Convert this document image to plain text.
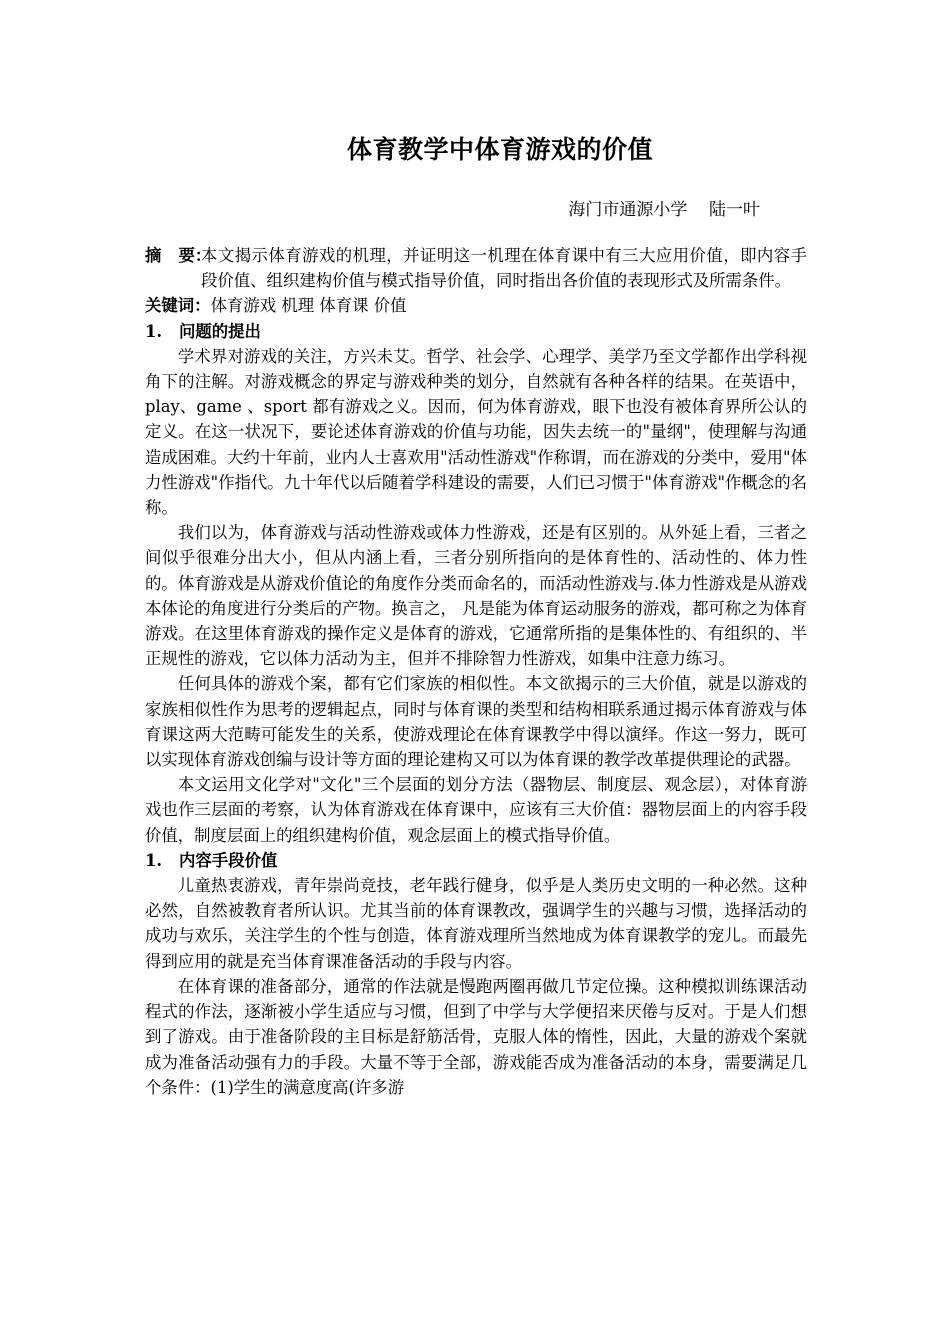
体育教学中体育游戏的价值
海门市通源小学    陆一叶
摘   要：
本文揭示体育游戏的机理，并证明这一机理在体育课中有三大应用价值，即内容手段价值、组织建构价值与模式指导价值，同时指出各价值的表现形式及所需条件。
关键词：体育游戏 机理 体育课 价值
1. 问题的提出

学术界对游戏的关注，方兴未艾。哲学、社会学、心理学、美学乃至文学都作出学科视角下的注解。对游戏概念的界定与游戏种类的划分，自然就有各种各样的结果。在英语中，play、game 、sport 都有游戏之义。因而，何为体育游戏，眼下也没有被体育界所公认的定义。在这一状况下，要论述体育游戏的价值与功能，因失去统一的"量纲"，使理解与沟通造成困难。大约十年前，业内人士喜欢用"活动性游戏"作称谓，而在游戏的分类中，爱用"体力性游戏"作指代。九十年代以后随着学科建设的需要，人们已习惯于"体育游戏"作概念的名称。

我们以为，体育游戏与活动性游戏或体力性游戏，还是有区别的。从外延上看，三者之间似乎很难分出大小，但从内涵上看，三者分别所指向的是体育性的、活动性的、体力性的。体育游戏是从游戏价值论的角度作分类而命名的，而活动性游戏与.体力性游戏是从游戏本体论的角度进行分类后的产物。换言之， 凡是能为体育运动服务的游戏，都可称之为体育游戏。在这里体育游戏的操作定义是体育的游戏，它通常所指的是集体性的、有组织的、半正规性的游戏，它以体力活动为主，但并不排除智力性游戏，如集中注意力练习。

任何具体的游戏个案，都有它们家族的相似性。本文欲揭示的三大价值，就是以游戏的家族相似性作为思考的逻辑起点，同时与体育课的类型和结构相联系通过揭示体育游戏与体育课这两大范畴可能发生的关系，使游戏理论在体育课教学中得以演绎。作这一努力，既可以实现体育游戏创编与设计等方面的理论建构又可以为体育课的教学改革提供理论的武器。

本文运用文化学对"文化"三个层面的划分方法（器物层、制度层、观念层），对体育游戏也作三层面的考察，认为体育游戏在体育课中，应该有三大价值：器物层面上的内容手段价值，制度层面上的组织建构价值，观念层面上的模式指导价值。

1. 内容手段价值

儿童热衷游戏，青年崇尚竞技，老年践行健身，似乎是人类历史文明的一种必然。这种必然，自然被教育者所认识。尤其当前的体育课教改，强调学生的兴趣与习惯，选择活动的成功与欢乐，关注学生的个性与创造，体育游戏理所当然地成为体育课教学的宠儿。而最先得到应用的就是充当体育课准备活动的手段与内容。

在体育课的准备部分，通常的作法就是慢跑两圈再做几节定位操。这种模拟训练课活动程式的作法，逐渐被小学生适应与习惯，但到了中学与大学便招来厌倦与反对。于是人们想到了游戏。由于准备阶段的主目标是舒筋活骨，克服人体的惰性，因此，大量的游戏个案就成为准备活动强有力的手段。大量不等于全部，游戏能否成为准备活动的本身，需要满足几个条件：(1)学生的满意度高(许多游
